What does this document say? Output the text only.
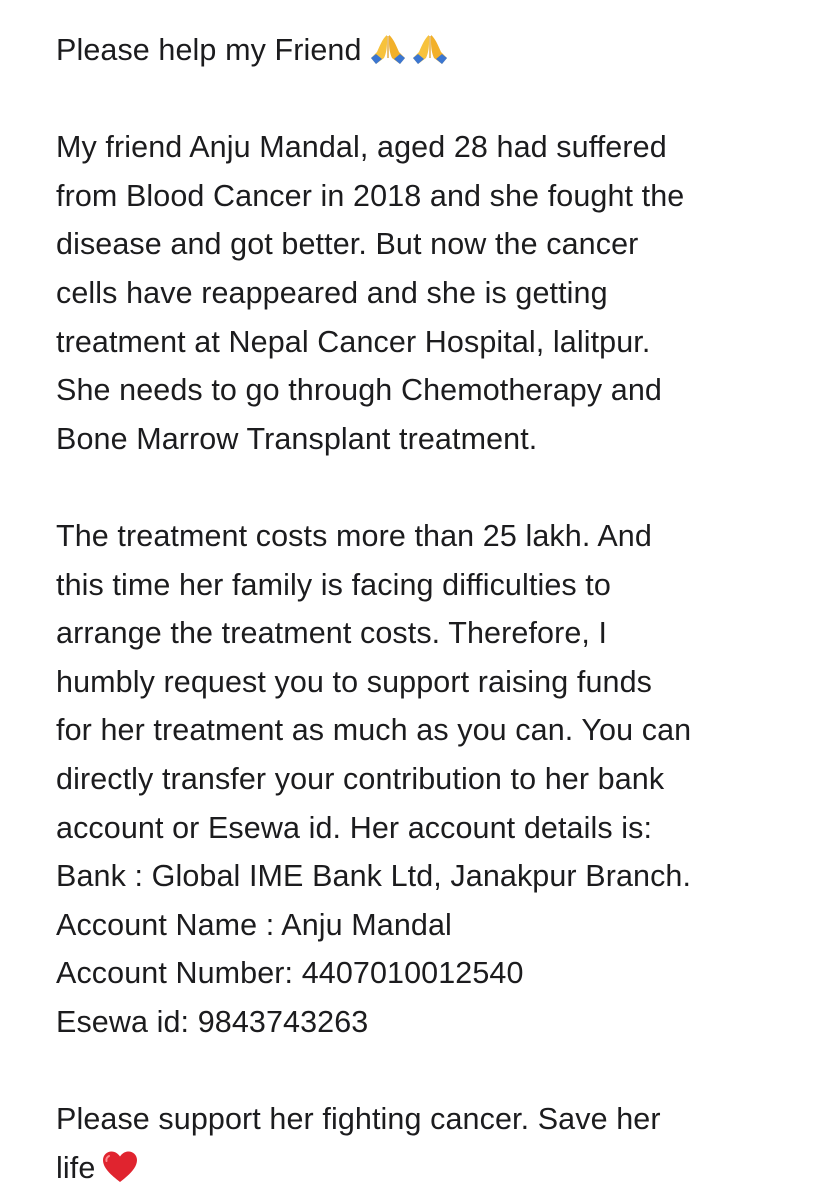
Please help my Friend
My friend Anju Mandal, aged 28 had suffered
from Blood Cancer in 2018 and she fought the
disease and got better. But now the cancer
cells have reappeared and she is getting
treatment at Nepal Cancer Hospital, lalitpur.
She needs to go through Chemotherapy and
Bone Marrow Transplant treatment.
The treatment costs more than 25 lakh. And
this time her family is facing difficulties to
arrange the treatment costs. Therefore, I
humbly request you to support raising funds
for her treatment as much as you can. You can
directly transfer your contribution to her bank
account or Esewa id. Her account details is:
Bank : Global IME Bank Ltd, Janakpur Branch.
Account Name : Anju Mandal
Account Number: 4407010012540
Esewa id: 9843743263
Please support her fighting cancer. Save her
life
